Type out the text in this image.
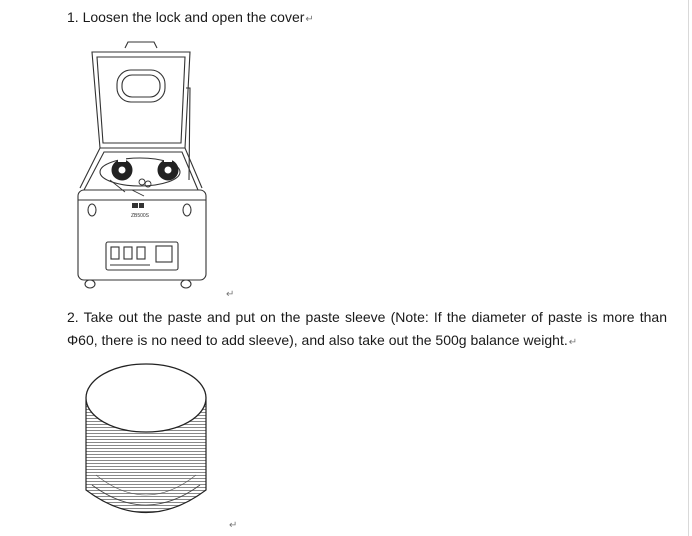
1. Loosen the lock and open the cover↵
ZB500S
↵
2. Take out the paste and put on the paste sleeve (Note: If the diameter of paste is more than Φ60, there is no need to add sleeve), and also take out the 500g balance weight.↵
↵
